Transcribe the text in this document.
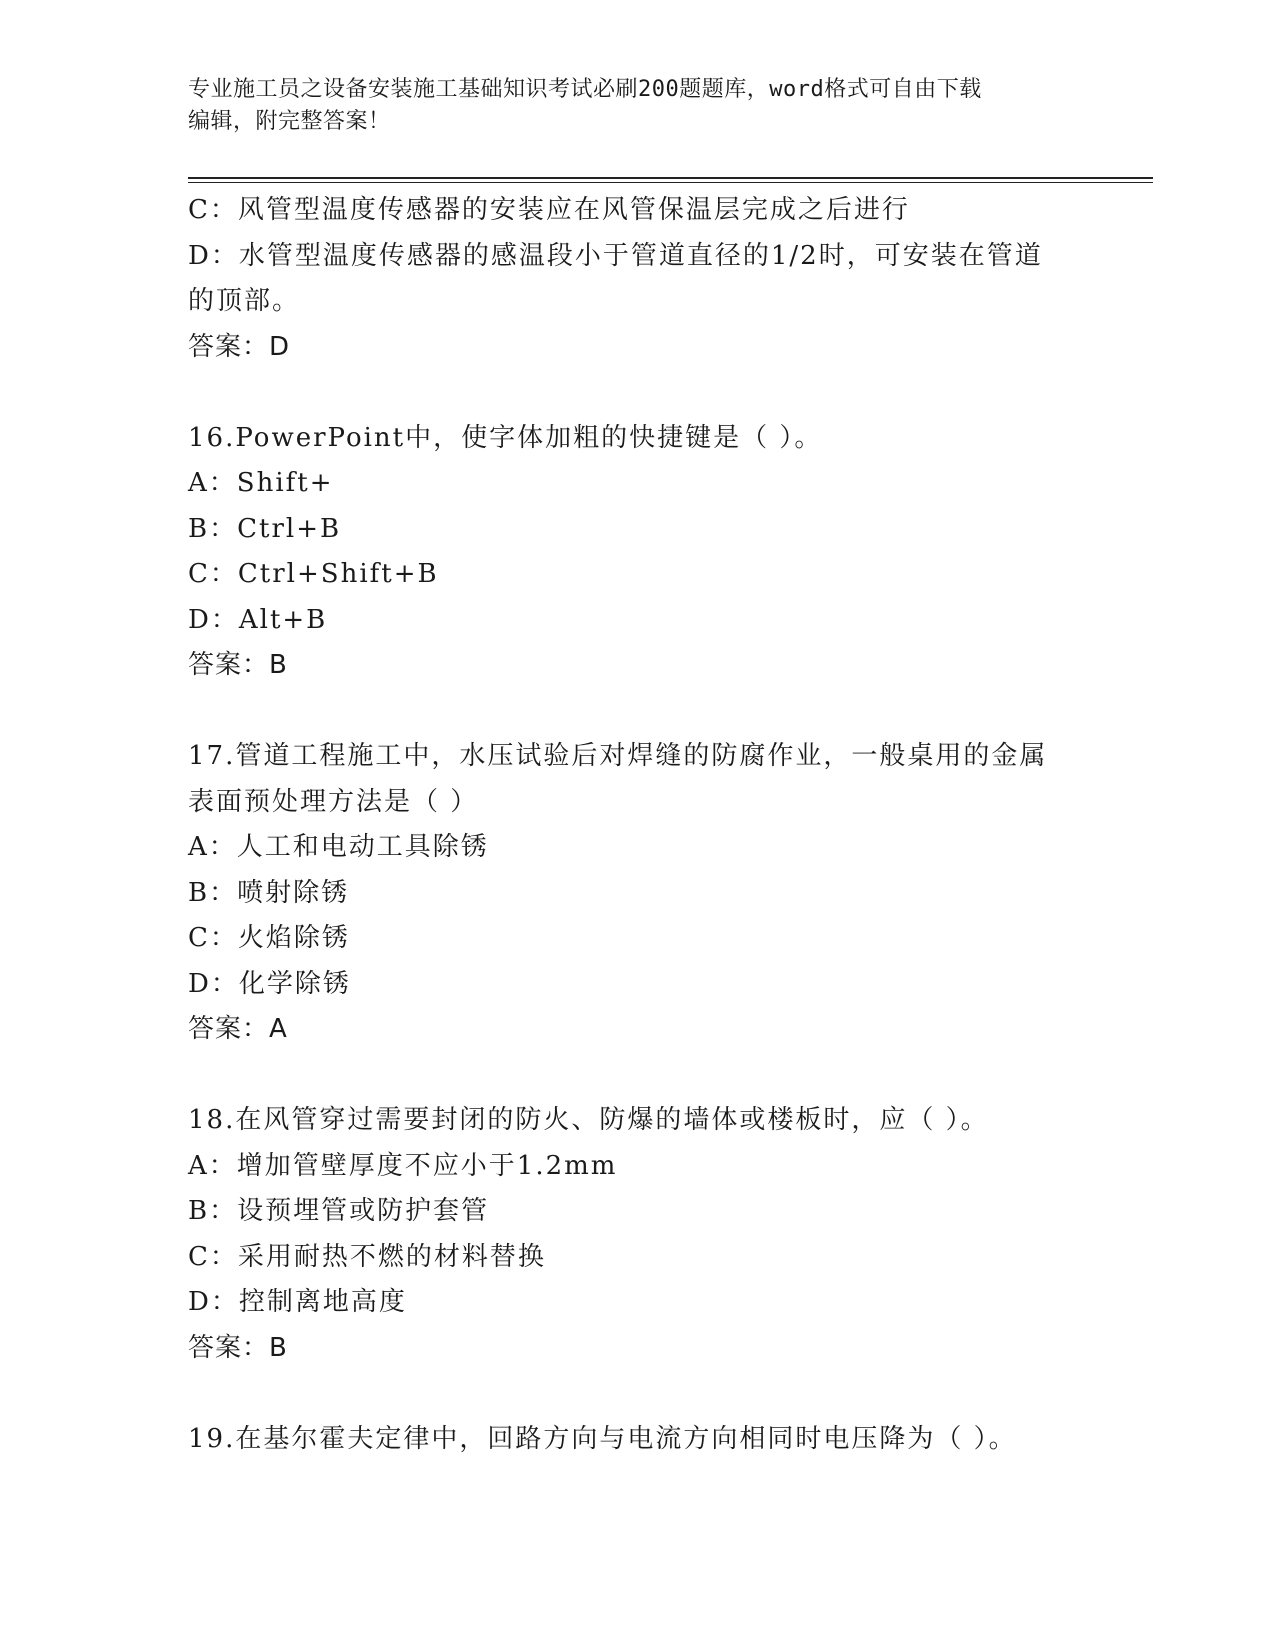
专业施工员之设备安装施工基础知识考试必刷200题题库，word格式可自由下载
编辑，附完整答案！
C：风管型温度传感器的安装应在风管保温层完成之后进行
D：水管型温度传感器的感温段小于管道直径的1/2时，可安装在管道
的顶部。
答案：D
16.PowerPoint中，使字体加粗的快捷键是（ ）。
A：Shift+
B：Ctrl+B
C：Ctrl+Shift+B
D：Alt+B
答案：B
17.管道工程施工中，水压试验后对焊缝的防腐作业，一般桌用的金属
表面预处理方法是（ ）
A：人工和电动工具除锈
B：喷射除锈
C：火焰除锈
D：化学除锈
答案：A
18.在风管穿过需要封闭的防火、防爆的墙体或楼板时，应（ ）。
A：增加管壁厚度不应小于1.2mm
B：设预埋管或防护套管
C：采用耐热不燃的材料替换
D：控制离地高度
答案：B
19.在基尔霍夫定律中，回路方向与电流方向相同时电压降为（ ）。
